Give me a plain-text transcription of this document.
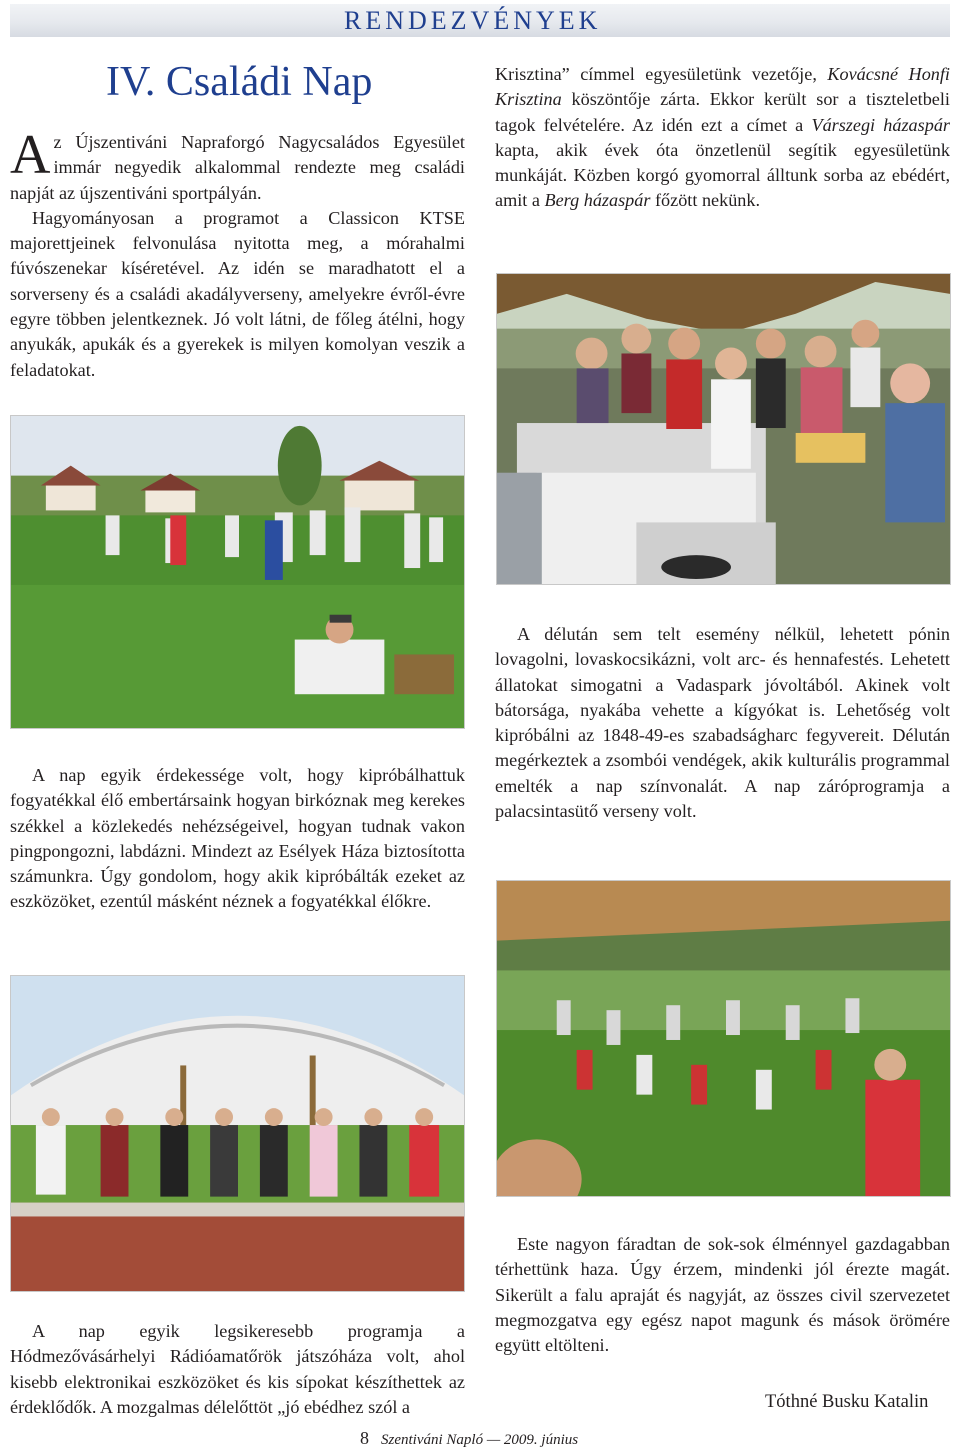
RENDEZVÉNYEK
IV. Családi Nap

Az Újszentiváni Napraforgó Nagycsaládos Egyesület immár negyedik alkalommal rendezte meg családi napját az újszentiváni sportpályán.

Hagyományosan a programot a Classicon KTSE majorettjeinek felvonulása nyitotta meg, a mórahalmi fúvószenekar kíséretével. Az idén se maradhatott el a sorverseny és a családi akadályverseny, amelyekre évről-évre egyre többen jelentkeznek. Jó volt látni, de főleg átélni, hogy anyukák, apukák és a gyerekek is milyen komolyan veszik a feladatokat.

Krisztina” címmel egyesületünk vezetője, Kovácsné Honfi Krisztina köszöntője zárta. Ekkor került sor a tiszteletbeli tagok felvételére. Az idén ezt a címet a Várszegi házaspár kapta, akik évek óta önzetlenül segítik egyesületünk munkáját. Közben korgó gyomorral álltunk sorba az ebédért, amit a Berg házaspár főzött nekünk.

A délután sem telt esemény nélkül, lehetett pónin lovagolni, lovaskocsikázni, volt arc- és hennafestés. Lehetett állatokat simogatni a Vadaspark jóvoltából. Akinek volt bátorsága, nyakába vehette a kígyókat is. Lehetőség volt kipróbálni az 1848-49-es szabadságharc fegyvereit. Délután megérkeztek a zsombói vendégek, akik kulturális programmal emelték a nap színvonalát. A nap záróprogramja a palacsintasütő verseny volt.

A nap egyik érdekessége volt, hogy kipróbálhattuk fogyatékkal élő embertársaink hogyan birkóznak meg kerekes székkel a közlekedés nehézségeivel, hogyan tudnak vakon pingpongozni, labdázni. Mindezt az Esélyek Háza biztosította számunkra. Úgy gondolom, hogy akik kipróbálták ezeket az eszközöket, ezentúl másként néznek a fogyatékkal élőkre.

Este nagyon fáradtan de sok-sok élménnyel gazdagabban térhettünk haza. Úgy érzem, mindenki jól érezte magát. Sikerült a falu apraját és nagyját, az összes civil szervezetet megmozgatva egy egész napot magunk és mások örömére együtt eltölteni.

Tóthné Busku Katalin

A nap egyik legsikeresebb programja a Hódmezővásárhelyi Rádióamatőrök játszóháza volt, ahol kisebb elektronikai eszközöket és kis sípokat készíthettek az érdeklődők. A mozgalmas délelőttöt „jó ebédhez szól a

8 Szentiváni Napló — 2009. június
